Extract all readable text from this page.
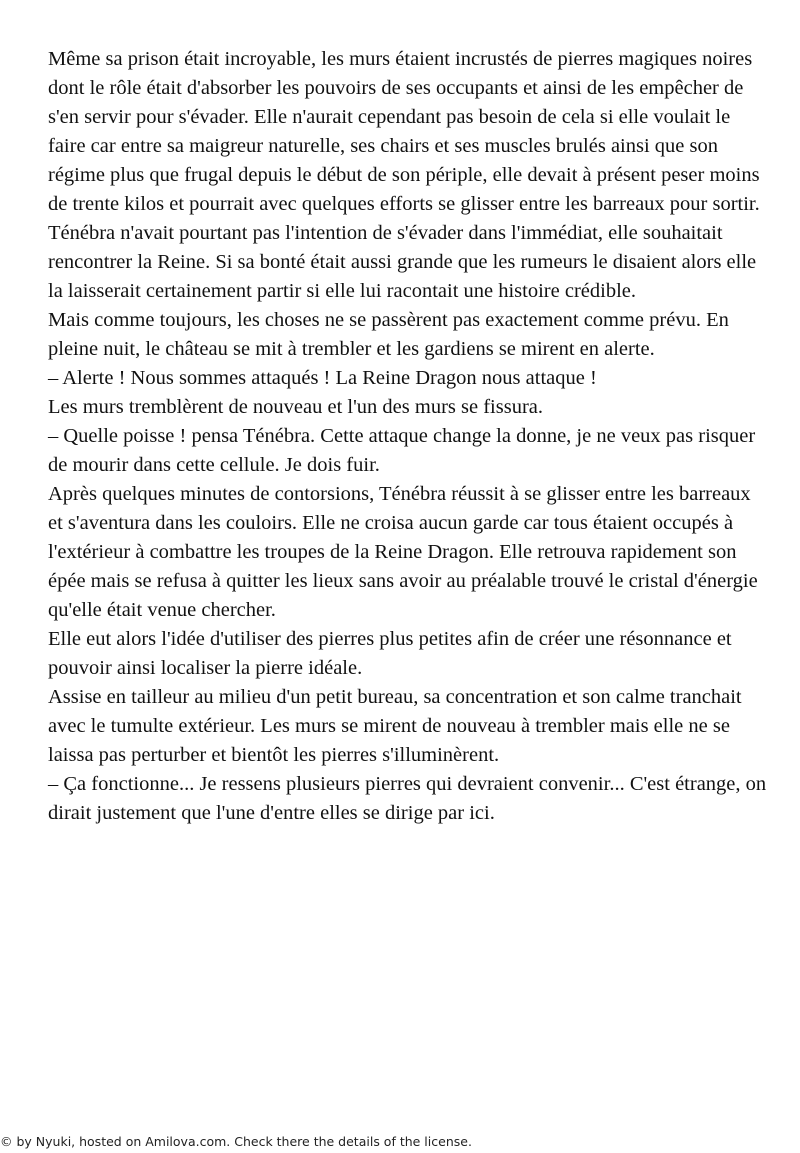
Même sa prison était incroyable, les murs étaient incrustés de pierres magiques noires dont le rôle était d'absorber les pouvoirs de ses occupants et ainsi de les empêcher de s'en servir pour s'évader. Elle n'aurait cependant pas besoin de cela si elle voulait le faire car entre sa maigreur naturelle, ses chairs et ses muscles brulés ainsi que son régime plus que frugal depuis le début de son périple, elle devait à présent peser moins de trente kilos et pourrait avec quelques efforts se glisser entre les barreaux pour sortir.

Ténébra n'avait pourtant pas l'intention de s'évader dans l'immédiat, elle souhaitait rencontrer la Reine. Si sa bonté était aussi grande que les rumeurs le disaient alors elle la laisserait certainement partir si elle lui racontait une histoire crédible.

Mais comme toujours, les choses ne se passèrent pas exactement comme prévu. En pleine nuit, le château se mit à trembler et les gardiens se mirent en alerte.

– Alerte ! Nous sommes attaqués ! La Reine Dragon nous attaque !

Les murs tremblèrent de nouveau et l'un des murs se fissura.

– Quelle poisse ! pensa Ténébra. Cette attaque change la donne, je ne veux pas risquer de mourir dans cette cellule. Je dois fuir.

Après quelques minutes de contorsions, Ténébra réussit à se glisser entre les barreaux et s'aventura dans les couloirs. Elle ne croisa aucun garde car tous étaient occupés à l'extérieur à combattre les troupes de la Reine Dragon. Elle retrouva rapidement son épée mais se refusa à quitter les lieux sans avoir au préalable trouvé le cristal d'énergie qu'elle était venue chercher.

Elle eut alors l'idée d'utiliser des pierres plus petites afin de créer une résonnance et pouvoir ainsi localiser la pierre idéale.

Assise en tailleur au milieu d'un petit bureau, sa concentration et son calme tranchait avec le tumulte extérieur. Les murs se mirent de nouveau à trembler mais elle ne se laissa pas perturber et bientôt les pierres s'illuminèrent.

– Ça fonctionne... Je ressens plusieurs pierres qui devraient convenir... C'est étrange, on dirait justement que l'une d'entre elles se dirige par ici.

© by Nyuki, hosted on Amilova.com. Check there the details of the license.
